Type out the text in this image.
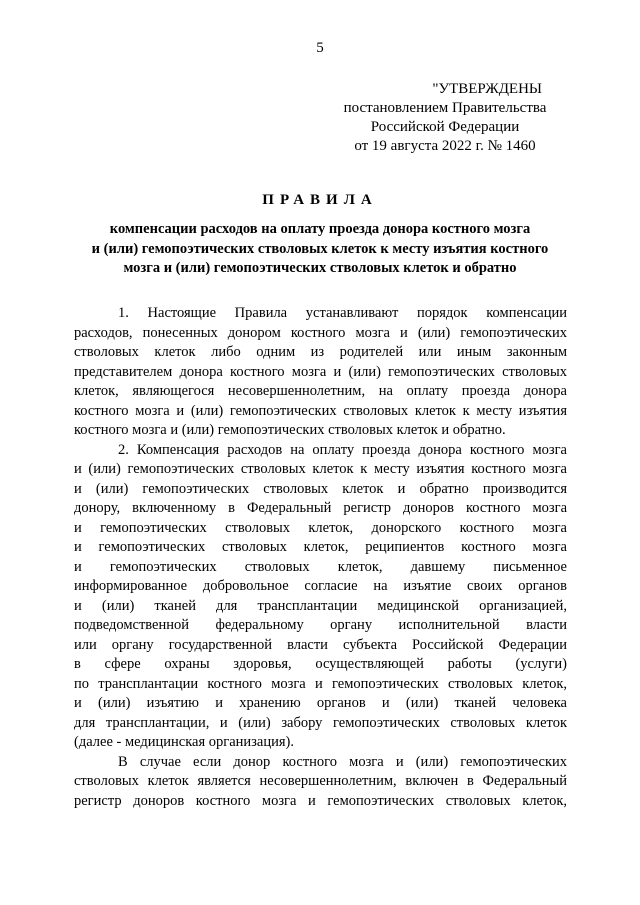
5
"УТВЕРЖДЕНЫ
постановлением Правительства
Российской Федерации
от 19 августа 2022 г. № 1460
ПРАВИЛА
компенсации расходов на оплату проезда донора костного мозга
и (или) гемопоэтических стволовых клеток к месту изъятия костного
мозга и (или) гемопоэтических стволовых клеток и обратно
1. Настоящие Правила устанавливают порядок компенсации
расходов, понесенных донором костного мозга и (или) гемопоэтических
стволовых клеток либо одним из родителей или иным законным
представителем донора костного мозга и (или) гемопоэтических стволовых
клеток, являющегося несовершеннолетним, на оплату проезда донора
костного мозга и (или) гемопоэтических стволовых клеток к месту изъятия
костного мозга и (или) гемопоэтических стволовых клеток и обратно.
2. Компенсация расходов на оплату проезда донора костного мозга
и (или) гемопоэтических стволовых клеток к месту изъятия костного мозга
и (или) гемопоэтических стволовых клеток и обратно производится
донору, включенному в Федеральный регистр доноров костного мозга
и гемопоэтических стволовых клеток, донорского костного мозга
и гемопоэтических стволовых клеток, реципиентов костного мозга
и гемопоэтических стволовых клеток, давшему письменное
информированное добровольное согласие на изъятие своих органов
и (или) тканей для трансплантации медицинской организацией,
подведомственной федеральному органу исполнительной власти
или органу государственной власти субъекта Российской Федерации
в сфере охраны здоровья, осуществляющей работы (услуги)
по трансплантации костного мозга и гемопоэтических стволовых клеток,
и (или) изъятию и хранению органов и (или) тканей человека
для трансплантации, и (или) забору гемопоэтических стволовых клеток
(далее - медицинская организация).
В случае если донор костного мозга и (или) гемопоэтических
стволовых клеток является несовершеннолетним, включен в Федеральный
регистр доноров костного мозга и гемопоэтических стволовых клеток,
